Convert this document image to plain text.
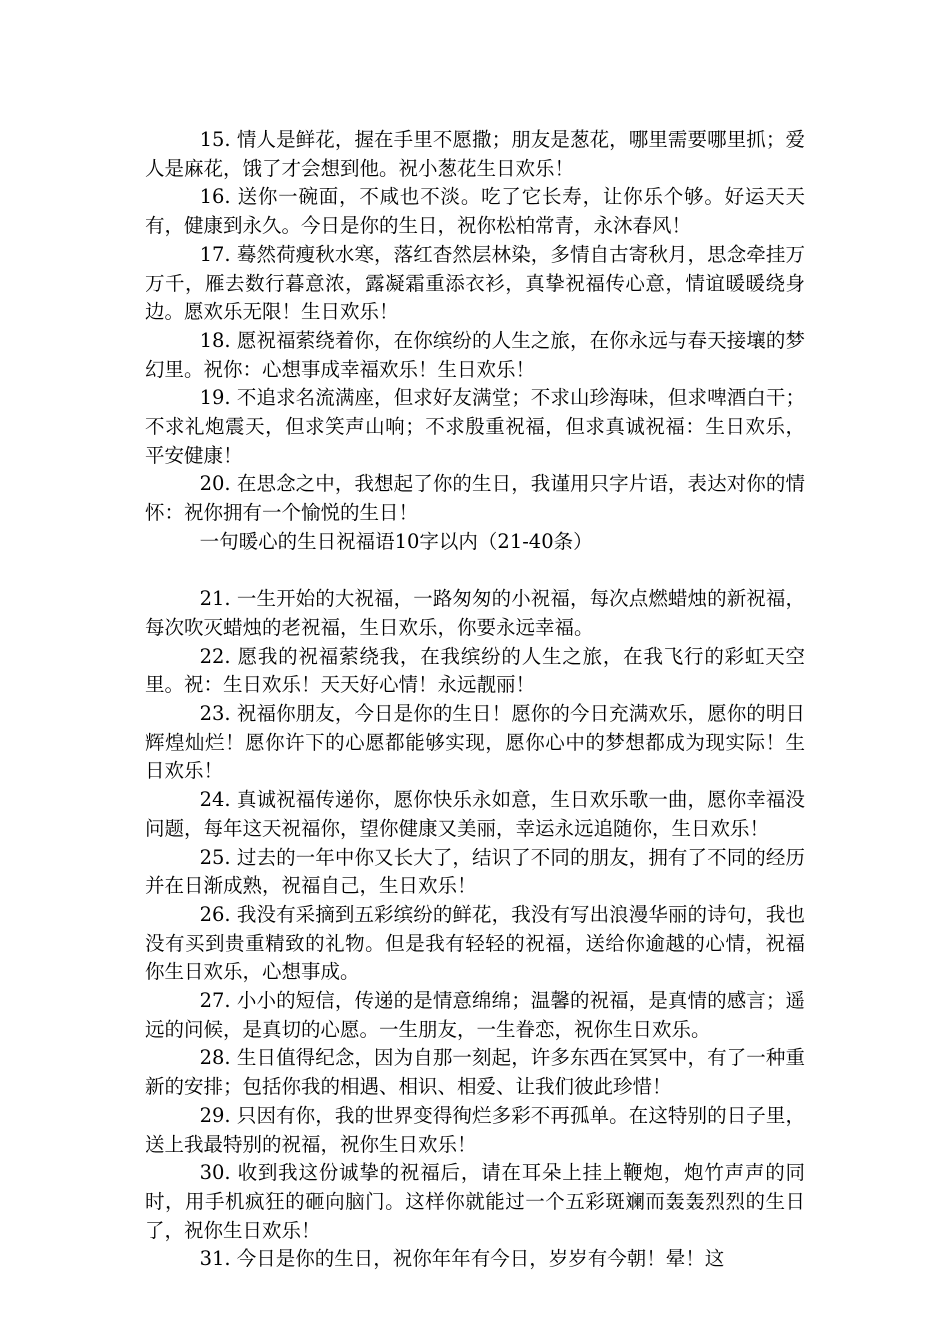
15. 情人是鲜花，握在手里不愿撒；朋友是葱花，哪里需要哪里抓；爱人是麻花，饿了才会想到他。祝小葱花生日欢乐！

16. 送你一碗面，不咸也不淡。吃了它长寿，让你乐个够。好运天天有，健康到永久。今日是你的生日，祝你松柏常青，永沐春风！

17. 蓦然荷瘦秋水寒，落红杳然层林染，多情自古寄秋月，思念牵挂万万千，雁去数行暮意浓，露凝霜重添衣衫，真挚祝福传心意，情谊暖暖绕身边。愿欢乐无限！生日欢乐！

18. 愿祝福萦绕着你，在你缤纷的人生之旅，在你永远与春天接壤的梦幻里。祝你：心想事成幸福欢乐！生日欢乐！

19. 不追求名流满座，但求好友满堂；不求山珍海味，但求啤酒白干；不求礼炮震天，但求笑声山响；不求殷重祝福，但求真诚祝福：生日欢乐，平安健康！

20. 在思念之中，我想起了你的生日，我谨用只字片语，表达对你的情怀：祝你拥有一个愉悦的生日！

一句暖心的生日祝福语10字以内（21-40条）

21. 一生开始的大祝福，一路匆匆的小祝福，每次点燃蜡烛的新祝福，每次吹灭蜡烛的老祝福，生日欢乐，你要永远幸福。

22. 愿我的祝福萦绕我，在我缤纷的人生之旅，在我飞行的彩虹天空里。祝：生日欢乐！天天好心情！永远靓丽！

23. 祝福你朋友，今日是你的生日！愿你的今日充满欢乐，愿你的明日辉煌灿烂！愿你许下的心愿都能够实现，愿你心中的梦想都成为现实际！生日欢乐！

24. 真诚祝福传递你，愿你快乐永如意，生日欢乐歌一曲，愿你幸福没问题，每年这天祝福你，望你健康又美丽，幸运永远追随你，生日欢乐！

25. 过去的一年中你又长大了，结识了不同的朋友，拥有了不同的经历并在日渐成熟，祝福自己，生日欢乐！

26. 我没有采摘到五彩缤纷的鲜花，我没有写出浪漫华丽的诗句，我也没有买到贵重精致的礼物。但是我有轻轻的祝福，送给你逾越的心情，祝福你生日欢乐，心想事成。

27. 小小的短信，传递的是情意绵绵；温馨的祝福，是真情的感言；遥远的问候，是真切的心愿。一生朋友，一生眷恋，祝你生日欢乐。

28. 生日值得纪念，因为自那一刻起，许多东西在冥冥中，有了一种重新的安排；包括你我的相遇、相识、相爱、让我们彼此珍惜！

29. 只因有你，我的世界变得徇烂多彩不再孤单。在这特别的日子里，送上我最特别的祝福，祝你生日欢乐！

30. 收到我这份诚挚的祝福后，请在耳朵上挂上鞭炮，炮竹声声的同时，用手机疯狂的砸向脑门。这样你就能过一个五彩斑斓而轰轰烈烈的生日了，祝你生日欢乐！

31. 今日是你的生日，祝你年年有今日，岁岁有今朝！晕！这
